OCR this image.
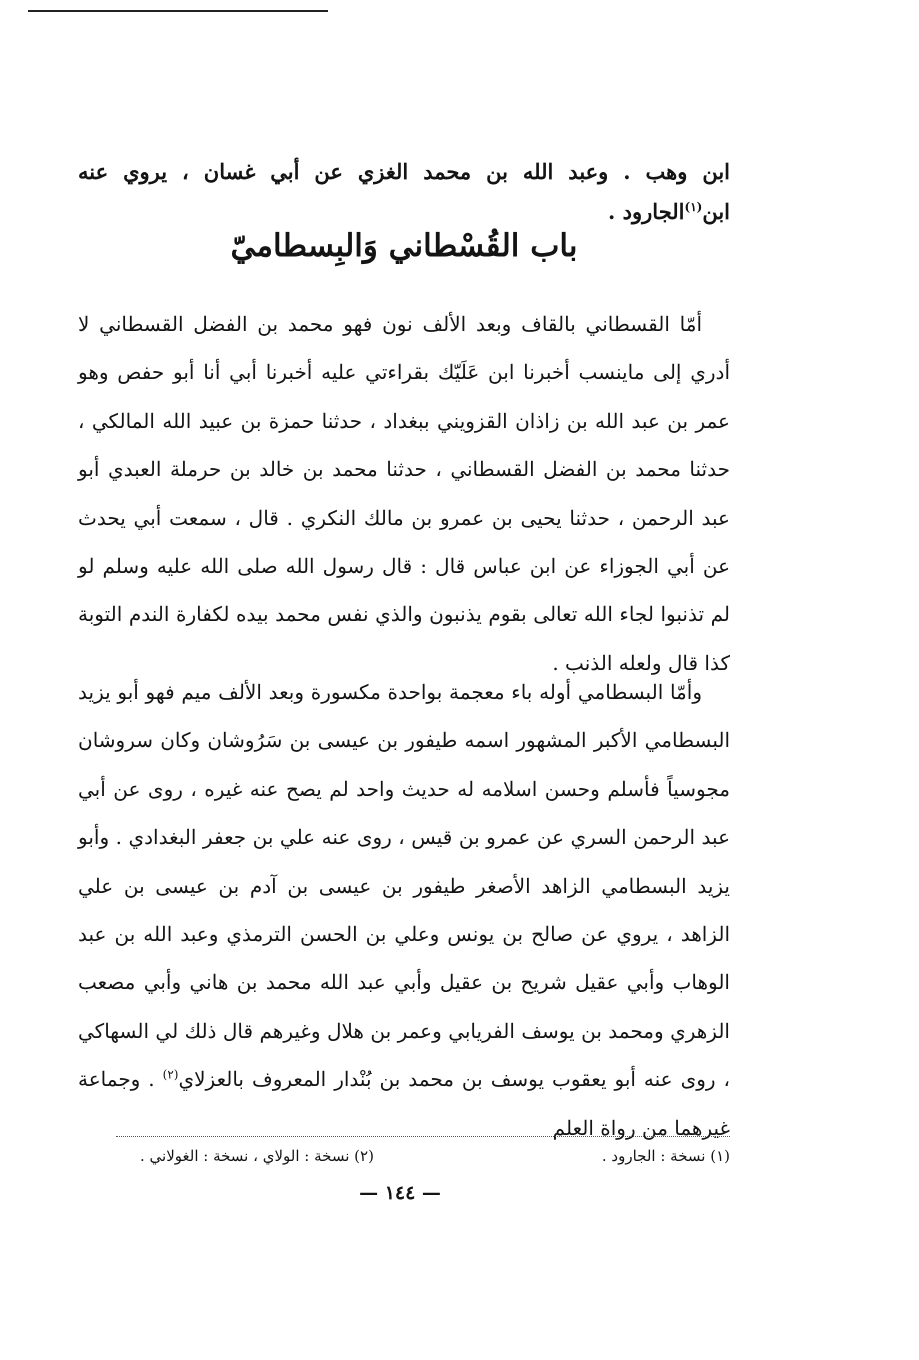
ابن وهب . وعبد الله بن محمد الغزي عن أبي غسان ، يروي عنه ابن$^{(١)}$الجارود .
باب القُسْطاني وَالبِسطاميّ

أمّا القسطاني بالقاف وبعد الألف نون فهو محمد بن الفضل القسطاني لا أدري إلى ماينسب أخبرنا ابن عَلَيّك بقراءتي عليه أخبرنا أبي أنا أبو حفص وهو عمر بن عبد الله بن زاذان القزويني ببغداد ، حدثنا حمزة بن عبيد الله المالكي ، حدثنا محمد بن الفضل القسطاني ، حدثنا محمد بن خالد بن حرملة العبدي أبو عبد الرحمن ، حدثنا يحيى بن عمرو بن مالك النكري . قال ، سمعت أبي يحدث عن أبي الجوزاء عن ابن عباس قال : قال رسول الله صلى الله عليه وسلم لو لم تذنبوا لجاء الله تعالى بقوم يذنبون والذي نفس محمد بيده لكفارة الندم التوبة كذا قال ولعله الذنب .

وأمّا البسطامي أوله باء معجمة بواحدة مكسورة وبعد الألف ميم فهو أبو يزيد البسطامي الأكبر المشهور اسمه طيفور بن عيسى بن سَرُوشان وكان سروشان مجوسياً فأسلم وحسن اسلامه له حديث واحد لم يصح عنه غيره ، روى عن أبي عبد الرحمن السري عن عمرو بن قيس ، روى عنه علي بن جعفر البغدادي . وأبو يزيد البسطامي الزاهد الأصغر طيفور بن عيسى بن آدم بن عيسى بن علي الزاهد ، يروي عن صالح بن يونس وعلي بن الحسن الترمذي وعبد الله بن عبد الوهاب وأبي عقيل شريح بن عقيل وأبي عبد الله محمد بن هاني وأبي مصعب الزهري ومحمد بن يوسف الفريابي وعمر بن هلال وغيرهم قال ذلك لي السهاكي ، روى عنه أبو يعقوب يوسف بن محمد بن بُنْدار المعروف بالعزلاي$^{(٢)}$ . وجماعة غيرهما من رواة العلم

(١) نسخة : الجارود .
(٢) نسخة : الولاي ، نسخة : الغولاني .
— ١٤٤ —
